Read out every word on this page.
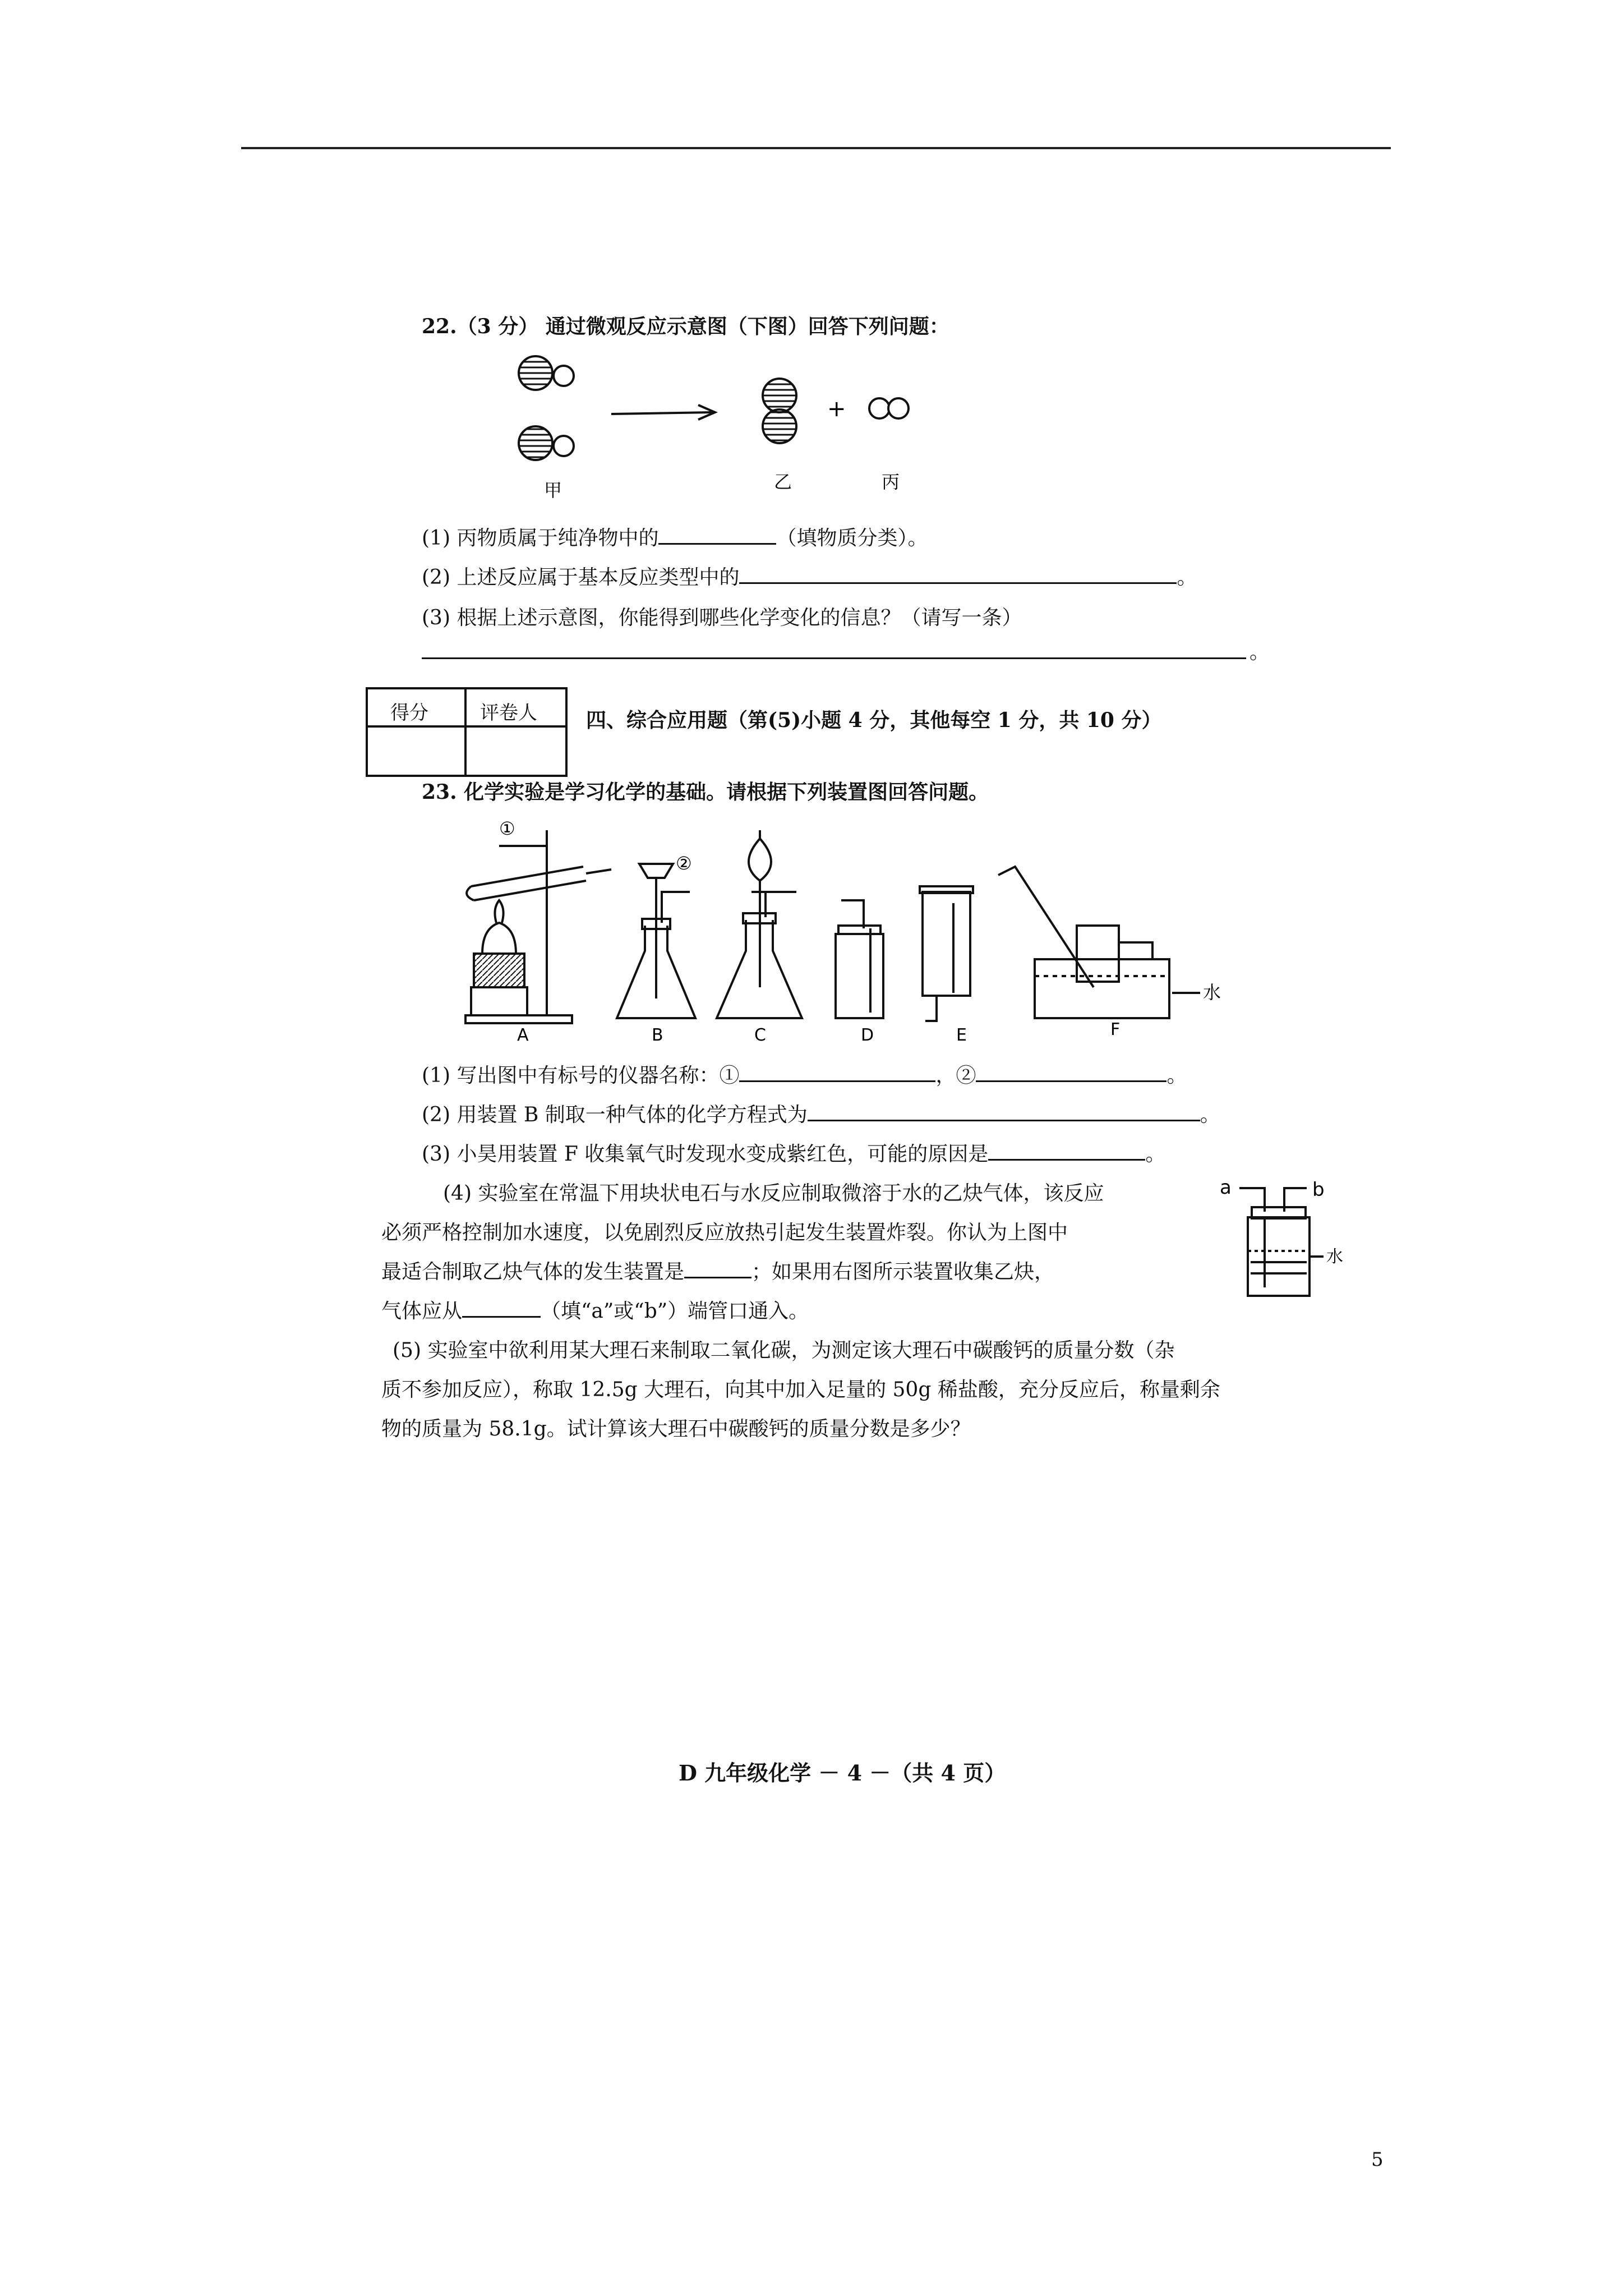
22.（3 分） 通过微观反应示意图（下图）回答下列问题：
+
甲	乙	丙
(1) 丙物质属于纯净物中的	（填物质分类）。
(2) 上述反应属于基本反应类型中的	。
(3) 根据上述示意图，你能得到哪些化学变化的信息？（请写一条）
。
得分	评卷人 四、综合应用题（第(5)小题 4 分，其他每空 1 分，共 10 分）
23. 化学实验是学习化学的基础。请根据下列装置图回答问题。
①
②
A	B	C	D	E	F
水
(1) 写出图中有标号的仪器名称：①	，②	。
(2) 用装置 B 制取一种气体的化学方程式为	。
(3) 小昊用装置 F 收集氧气时发现水变成紫红色，可能的原因是	。
(4) 实验室在常温下用块状电石与水反应制取微溶于水的乙炔气体，该反应
必须严格控制加水速度，以免剧烈反应放热引起发生装置炸裂。你认为上图中
最适合制取乙炔气体的发生装置是	；如果用右图所示装置收集乙炔，
气体应从	（填“a”或“b”）端管口通入。
a	b
水
(5) 实验室中欲利用某大理石来制取二氧化碳，为测定该大理石中碳酸钙的质量分数（杂
质不参加反应），称取 12.5g 大理石，向其中加入足量的 50g 稀盐酸，充分反应后，称量剩余
物的质量为 58.1g。试计算该大理石中碳酸钙的质量分数是多少？
D 九年级化学 － 4 －（共 4 页）
5
